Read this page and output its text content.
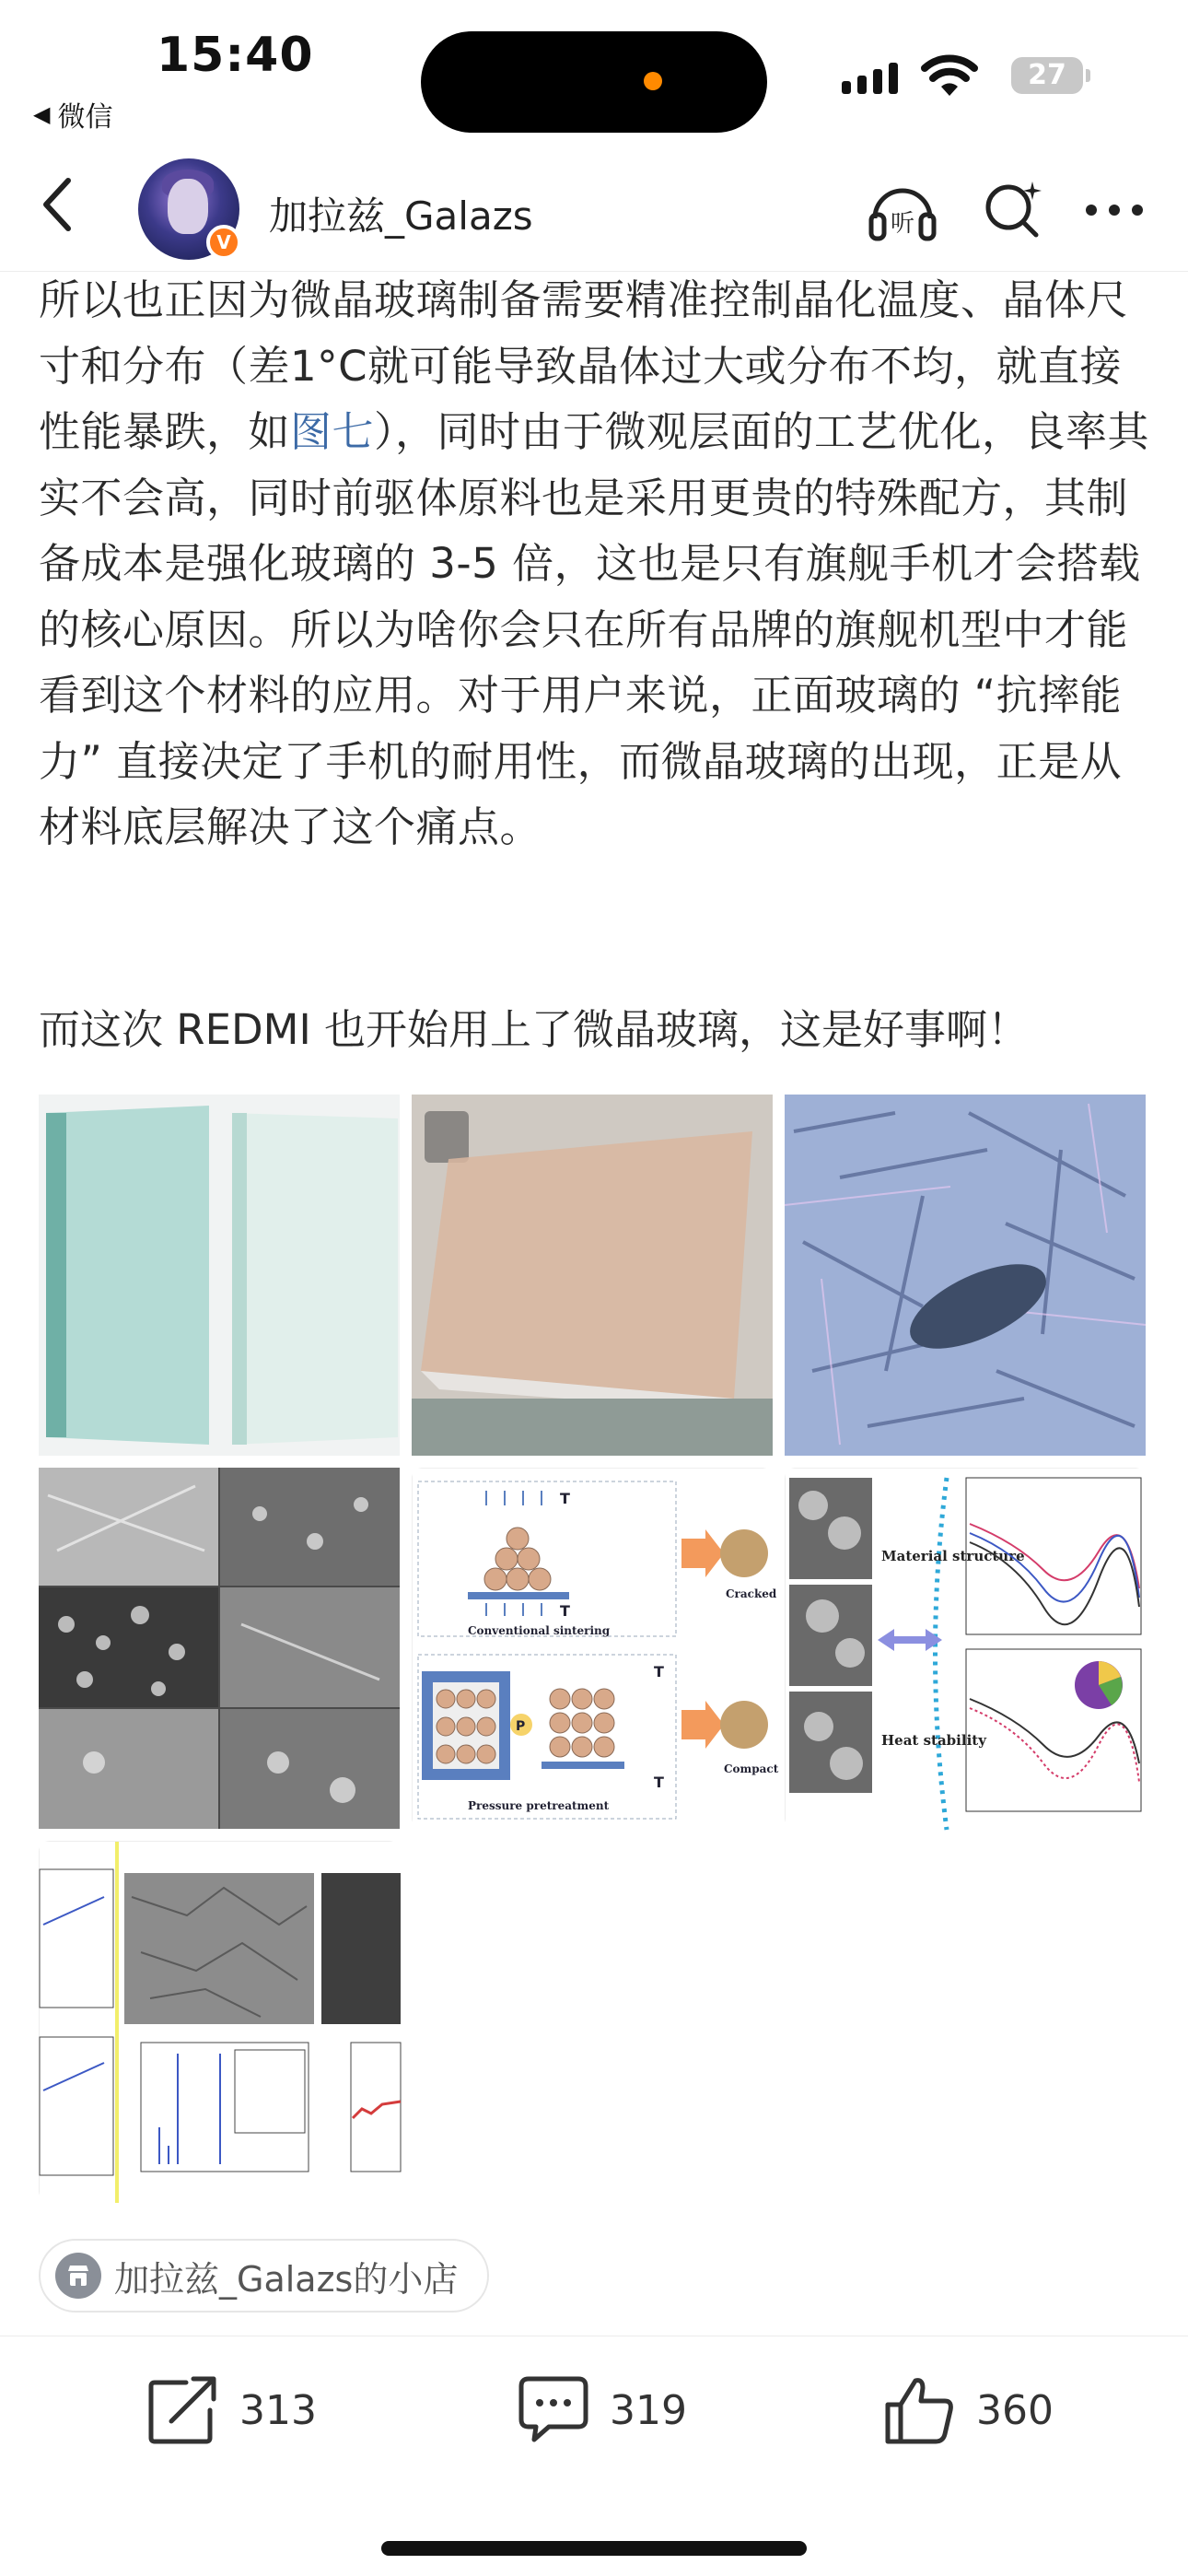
15:40
◀ 微信
27
V
加拉兹_Galazs	听
所以也正因为微晶玻璃制备需要精准控制晶化温度、晶体尺寸和分布（差1°C就可能导致晶体过大或分布不均，就直接性能暴跌，如图七），同时由于微观层面的工艺优化，良率其实不会高，同时前驱体原料也是采用更贵的特殊配方，其制备成本是强化玻璃的 3-5 倍，这也是只有旗舰手机才会搭载的核心原因。所以为啥你会只在所有品牌的旗舰机型中才能看到这个材料的应用。对于用户来说，正面玻璃的 “抗摔能力” 直接决定了手机的耐用性，而微晶玻璃的出现，正是从材料底层解决了这个痛点。
而这次 REDMI 也开始用上了微晶玻璃，这是好事啊！
T
T
Conventional sintering
Cracked
P
T
T
Pressure pretreatment
Compact
Material structure
Heat stability
加拉兹_Galazs的小店
313	319	360
